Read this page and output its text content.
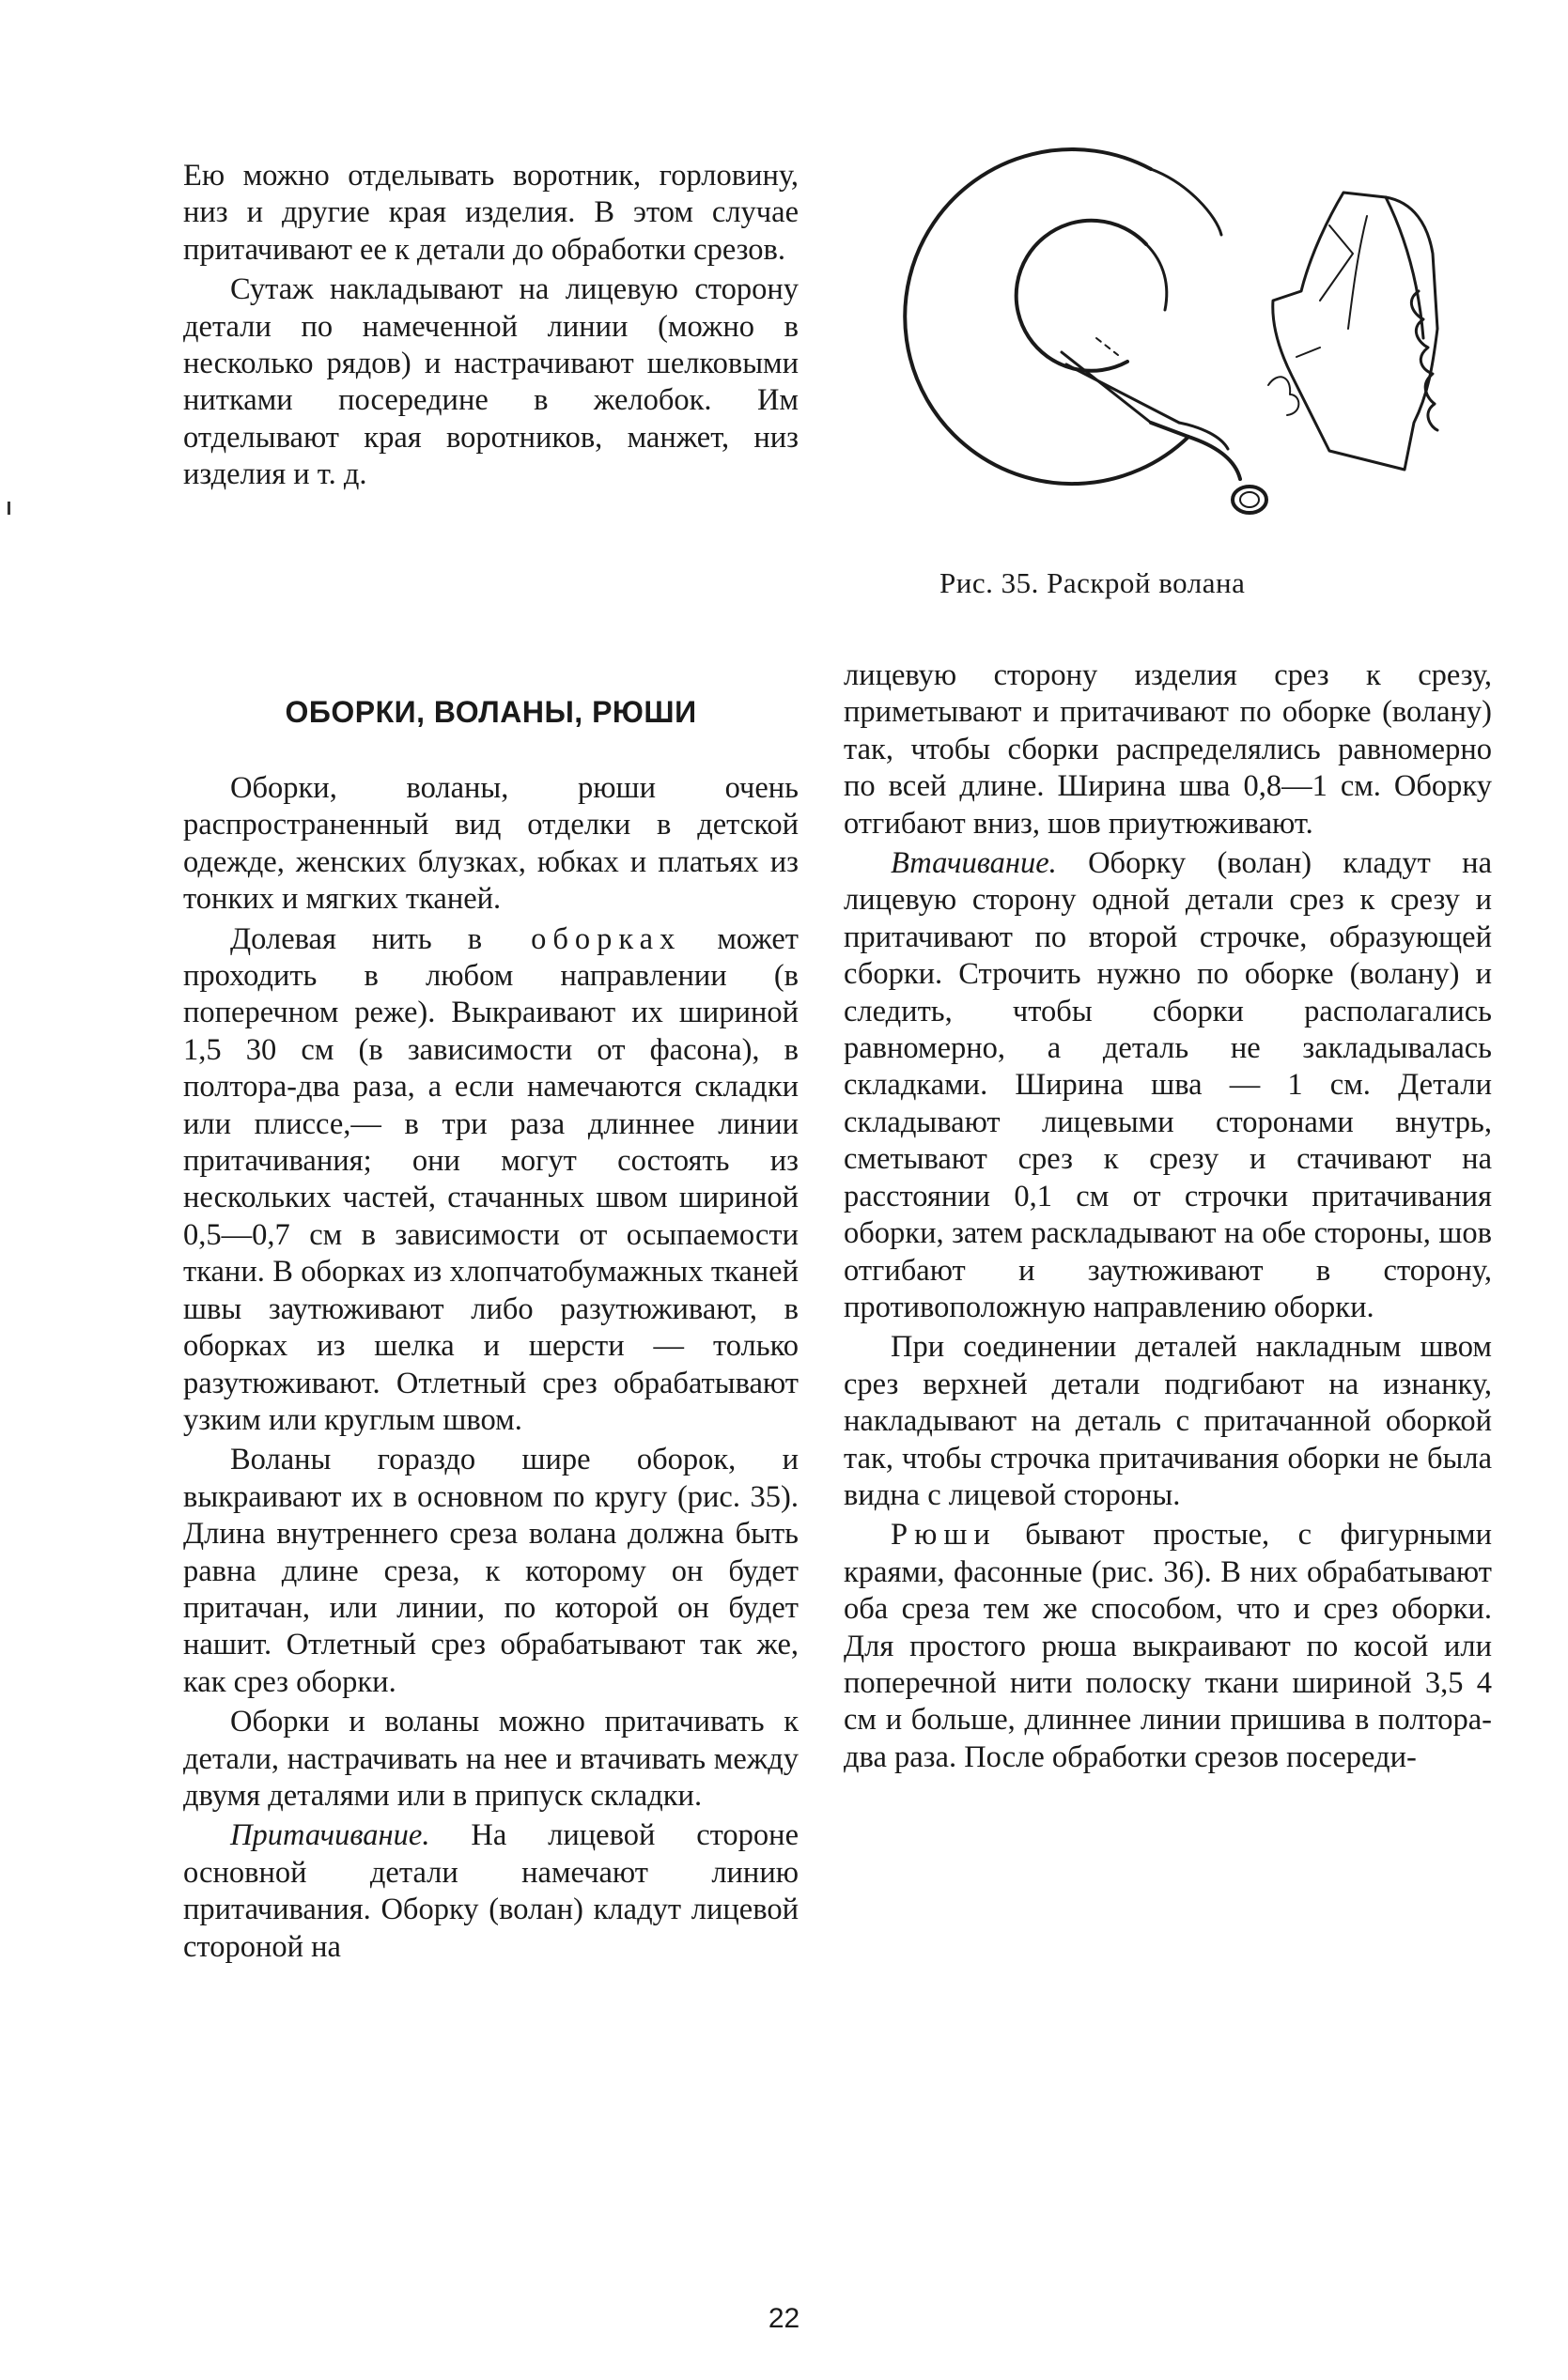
Ею можно отделывать воротник, горловину, низ и другие края изделия. В этом случае притачивают ее к детали до обработки срезов.

Сутаж накладывают на лицевую сторону детали по намеченной линии (можно в несколько рядов) и настрачивают шелковыми нитками посередине в желобок. Им отделывают края воротников, манжет, низ изделия и т. д.

Рис. 35. Раскрой волана
ОБОРКИ, ВОЛАНЫ, РЮШИ

Оборки, воланы, рюши очень распространенный вид отделки в детской одежде, женских блузках, юбках и платьях из тонких и мягких тканей.

Долевая нить в оборках может проходить в любом направлении (в поперечном реже). Выкраивают их шириной 1,5 30 см (в зависимости от фасона), в полтора-два раза, а если намечаются складки или плиссе,— в три раза длиннее линии притачивания; они могут состоять из нескольких частей, стачанных швом шириной 0,5—0,7 см в зависимости от осыпаемости ткани. В оборках из хлопчатобумажных тканей швы заутюживают либо разутюживают, в оборках из шелка и шерсти — только разутюживают. Отлетный срез обрабатывают узким или круглым швом.

Воланы гораздо шире оборок, и выкраивают их в основном по кругу (рис. 35). Длина внутреннего среза волана должна быть равна длине среза, к которому он будет притачан, или линии, по которой он будет нашит. Отлетный срез обрабатывают так же, как срез оборки.

Оборки и воланы можно притачивать к детали, настрачивать на нее и втачивать между двумя деталями или в припуск складки.

Притачивание. На лицевой стороне основной детали намечают линию притачивания. Оборку (волан) кладут лицевой стороной на

лицевую сторону изделия срез к срезу, приметывают и притачивают по оборке (волану) так, чтобы сборки распределялись равномерно по всей длине. Ширина шва 0,8—1 см. Оборку отгибают вниз, шов приутюживают.

Втачивание. Оборку (волан) кладут на лицевую сторону одной детали срез к срезу и притачивают по второй строчке, образующей сборки. Строчить нужно по оборке (волану) и следить, чтобы сборки располагались равномерно, а деталь не закладывалась складками. Ширина шва — 1 см. Детали складывают лицевыми сторонами внутрь, сметывают срез к срезу и стачивают на расстоянии 0,1 см от строчки притачивания оборки, затем раскладывают на обе стороны, шов отгибают и заутюживают в сторону, противоположную направлению оборки.

При соединении деталей накладным швом срез верхней детали подгибают на изнанку, накладывают на деталь с притачанной оборкой так, чтобы строчка притачивания оборки не была видна с лицевой стороны.

Рюши бывают простые, с фигурными краями, фасонные (рис. 36). В них обрабатывают оба среза тем же способом, что и срез оборки. Для простого рюша выкраивают по косой или поперечной нити полоску ткани шириной 3,5 4 см и больше, длиннее линии пришива в полтора-два раза. После обработки срезов посереди-

22
